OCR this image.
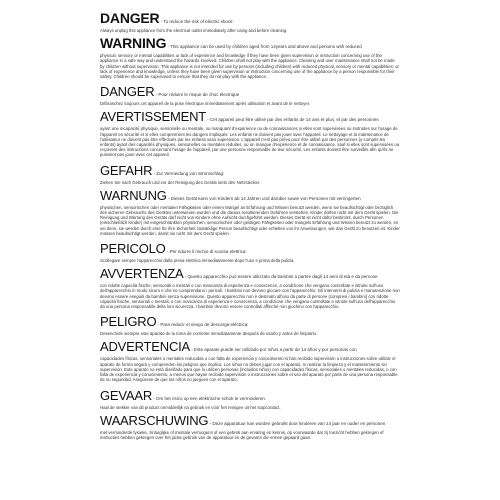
DANGER - To reduce the risk of electric shock:
Always unplug this appliance from the electrical outlet immediately after using and before cleaning.
WARNING - This appliance can be used by children aged from 14years and above and persons with reduced
physical, sensory or mental capabilities or lack of experience and knowledge if they have been given supervision or instruction concerning use of the appliance in a safe way and understand the hazards involved. Children shall not play with the appliance. Cleaning and user maintenance shall not be made by children without supervision. This appliance is not intended for use by persons (including children) with reduced physical, sensory or mental capabilities, or lack of experience and knowledge, unless they have been given supervision or instruction concerning use of the appliance by a person responsible for their safety. Children should be supervised to ensure that they do not play with the appliance.
DANGER - Pour réduire le risque de choc électrique
Débranchez toujours cet appareil de la prise électrique immédiatement après utilisation et avant de le nettoyer.
AVERTISSEMENT - Cet appareil peut être utilisé par des enfants de 14 ans et plus, et par des personnes
ayant une incapacité physique, sensorielle ou mentale, ou manquant d'expérience ou de connaissances si elles sont supervisées ou instruites sur l'usage de l'appareil en sécurité et si elles comprennent les dangers impliqués. Les enfants ne doivent pas jouer avec l'appareil. Le nettoyage et la maintenance de l'utilisateur ne doivent pas être effectués par les enfants sans supervision. L'appareil n'est pas prévu pour être utilisé par des personnes (y compris les enfants) ayant des capacités physiques, sensorielles ou mentales réduites, ou un manque d'expérience et de connaissance, sauf si elles sont supervisées ou reçoivent des instructions concernant l'usage de l'appareil, par une personne responsable de leur sécurité. Les enfants doivent être surveillés afin qu'ils ne puissent pas jouer avec cet appareil.
GEFAHR - Zur Vermeidung von Stromschlag:
Ziehen Sie nach Gebrauch und vor der Reinigung des Geräts stets den Netzstecker.
WARNUNG - Dieses Gerät kann von Kindern ab 14 Jahren und darüber sowie von Personen mit verringerten
physischen, sensorischen oder mentalen Fähigkeiten oder einem Mangel an Erfahrung und Wissen benutzt werden, wenn sie beaufsichtigt oder bezüglich des sicheren Gebrauchs des Gerätes unterwiesen wurden und die daraus resultierenden Gefahren verstehen. Kinder dürfen nicht mit dem Gerät spielen. Die Reinigung und Wartung des Geräts darf nicht von Kindern ohne Aufsicht durchgeführt werden. Dieses Gerät ist nicht dafür bestimmt, durch Personen (einschließlich Kinder) mit eingeschränkten physischen, sensorischen oder geistigen Fähigkeiten oder mangels Erfahrung und Wissen benutzt zu werden, es sei denn, sie werden durch eine für ihre Sicherheit zuständige Person beaufsichtigt oder erhielten von ihr Anweisungen, wie das Gerät zu benutzen ist. Kinder müssen beaufsichtigt werden, damit sie nicht mit dem Gerät spielen.
PERICOLO - Per ridurre il rischio di scossa elettrica:
Scollegare sempre l'apparecchio dalla presa elettrica immediatamente dopo l'uso e prima della pulizia.
AVVERTENZA - Questo apparecchio può essere utilizzato da bambini a partire dagli 14 anni di età e da persone
con ridotte capacità fisiche, sensoriali o mentali o con mancanza di esperienza e conoscenze, a condizione che vengano controllate e istruite sull'uso dell'apparecchio in modo sicuro e che ne comprendano i pericoli. I bambini non devono giocare con l'apparecchio. Gli interventi di pulizia e manutenzione non devono essere eseguiti da bambini senza supervisione. Questo apparecchio non è destinato all'uso da parte di persone (compresi i bambini) con ridotte capacità fisiche, sensoriali o mentali, o con mancanza di esperienza e conoscenza, a condizione che vengano controllate e istruite sull'uso dell'apparecchio da una persona responsabile della loro sicurezza. I bambini devono essere controllati affinché non giochino con l'apparecchio.
PELIGRO - Para reducir el riesgo de descarga eléctrica:
Desenchufe siempre este aparato de la toma de corriente inmediatamente después de usarlo y antes de limpiarlo.
ADVERTENCIA - Este aparato puede ser utilizado por niños a partir de 14 años y por personas con
capacidades físicas, sensoriales o mentales reducidas o con falta de experiencia y conocimiento si han recibido supervisión o instrucciones sobre utilizar el aparato de forma segura y comprenden los peligros que implica. Los niños no deben jugar con el aparato, ni realizar la limpieza y el mantenimiento sin supervisión. Este aparato no está diseñado para que lo utilicen personas (incluidos niños) con capacidades físicas, sensoriales o mentales reducidas, o con falta de experiencia y conocimiento, a menos que hayan recibido supervisión o instrucciones sobre el uso del aparato por parte de una persona responsable de su seguridad. Asegúrese de que los niños no jueguen con el aparato.
GEVAAR - Om het risico op een elektrische schok te verminderen:
Haal de stekker van dit product onmiddellijk na gebruik en vóór het reinigen uit het stopcontact.
WAARSCHUWING - Deze apparatuur kan worden gebruikt door kinderen van 14 jaar en ouder en personen
met verminderde fysieke, zintuiglijke of mentale vermogens of een gebrek aan ervaring en kennis, op voorwaarde dat zij toezicht hebben gekregen of instructies hebben gekregen over het juiste gebruik van de apparatuur en de gevaren die ermee gepaard gaan.
